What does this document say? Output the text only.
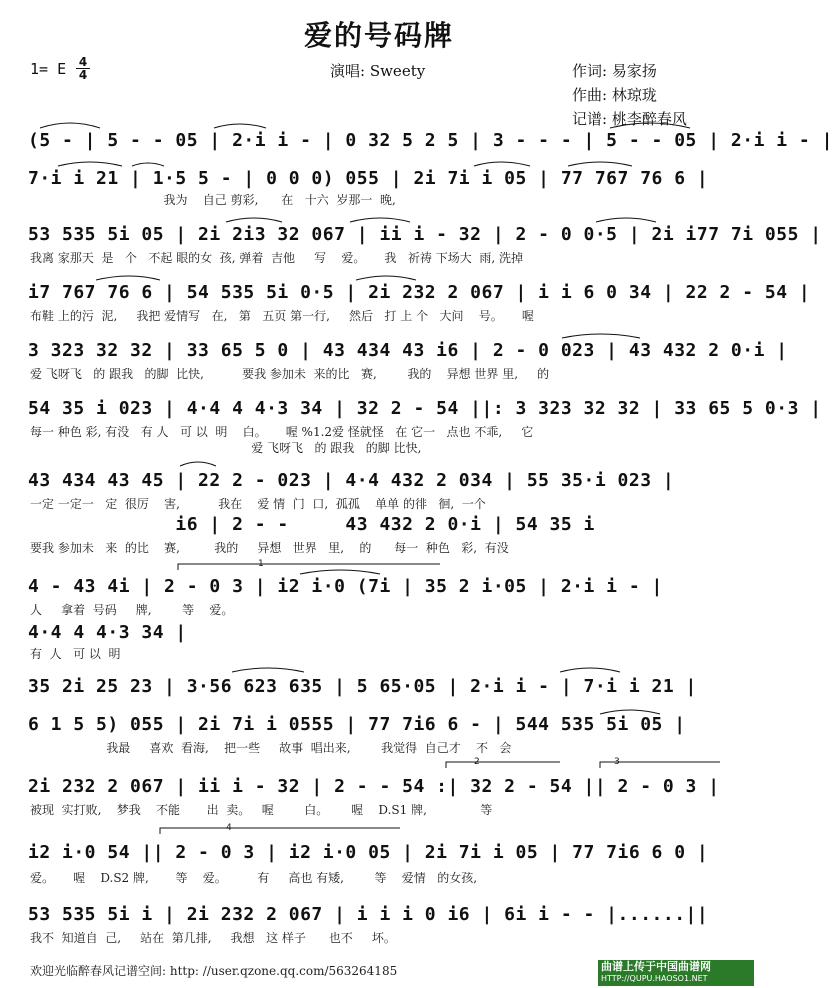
爱的号码牌
1= E 4
4	演唱: Sweety	作词: 易家扬
作曲: 林琼珑
记谱: 桃李醉春风
(5 - | 5 - - 05 | 2·i i - | 0 32 5 2 5 | 3 - - - | 5 - - 05 | 2·i i - |
7·i i 21 | 1·5 5 - | 0 0 0) 055 | 2i 7i i 05 | 77 767 76 6 |
我为    自己 剪彩,      在   十六  岁那一  晚,
53 535 5i 05 | 2i 2i3 32 067 | ii i - 32 | 2 - 0 0·5 | 2i i77 7i 055 |
我离 家那天  是   个   不起 眼的女  孩, 弹着  吉他     写    爱。     我   祈祷 下场大  雨, 洗掉
i7 767 76 6 | 54 535 5i 0·5 | 2i 232 2 067 | i i 6 0 34 | 22 2 - 54 |
布鞋 上的污  泥,     我把 爱情写   在,   第   五页 第一行,     然后   打 上 个   大问    号。     喔
3 323 32 32 | 33 65 5 0 | 43 434 43 i6 | 2 - 0 023 | 43 432 2 0·i |
爱 飞呀飞   的 跟我   的脚  比快,          要我 参加未  来的比   赛,        我的    异想 世界 里,     的
54 35 i 023 | 4·4 4 4·3 34 | 32 2 - 54 ||: 3 323 32 32 | 33 65 5 0·3 |
每一 种色 彩, 有没   有 人   可 以  明    白。     喔 %1.2爱 怪就怪   在 它一   点也 不乖,     它
爱 飞呀飞   的 跟我   的脚 比快,
43 434 43 45 | 22 2 - 023 | 4·4 432 2 034 | 55 35·i 023 |
一定 一定一   定  很厉    害,          我在    爱 情  门  口,  孤孤    单单 的徘   徊,  一个
i6 | 2 - -     43 432 2 0·i | 54 35 i
要我 参加未   来  的比    赛,         我的     异想   世界   里,    的      每一  种色   彩,  有没
4 - 43 4i | 2 - 0 3 | i2 i·0 (7i | 35 2 i·05 | 2·i i - |
人     拿着  号码     牌,        等    爱。
4·4 4 4·3 34 |
有  人   可 以  明
35 2i 25 23 | 3·56 623 635 | 5 65·05 | 2·i i - | 7·i i 21 |
6 1 5 5) 055 | 2i 7i i 0555 | 77 7i6 6 - | 544 535 5i 05 |
我最     喜欢  看海,    把一些     故事  唱出来,        我觉得  自己才    不   会
2i 232 2 067 | ii i - 32 | 2 - - 54 :| 32 2 - 54 || 2 - 0 3 |
被现  实打败,    梦我    不能       出  卖。   喔        白。      喔    D.S1 牌,              等
i2 i·0 54 || 2 - 0 3 | i2 i·0 05 | 2i 7i i 05 | 77 7i6 6 0 |
爱。     喔    D.S2 牌,       等    爱。        有     高也 有矮,        等    爱情   的女孩,
53 535 5i i | 2i 232 2 067 | i i i 0 i6 | 6i i - - |......||
我不  知道自  己,     站在  第几排,     我想   这 样子      也不     坏。
1
2	3
4
欢迎光临醉春风记谱空间: http: //user.qzone.qq.com/563264185	曲谱上传于中国曲谱网
HTTP://QUPU.HAOSO1.NET
